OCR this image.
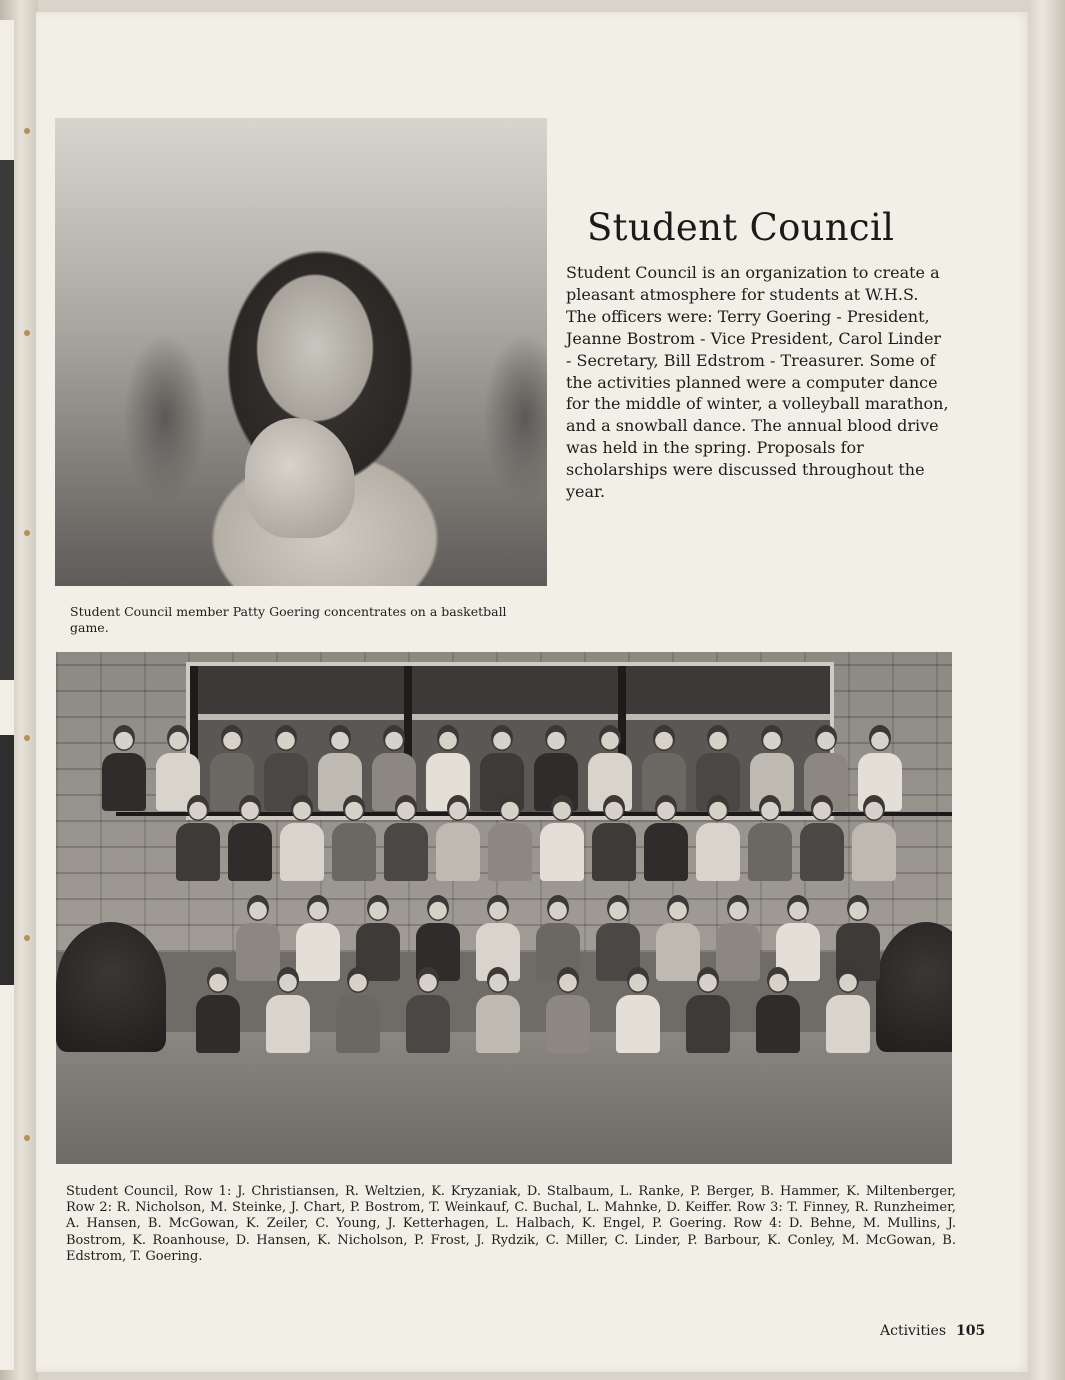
Student Council

Student Council is an organization to create a pleasant atmosphere for students at W.H.S. The officers were: Terry Goering - President, Jeanne Bostrom - Vice President, Carol Linder - Secretary, Bill Edstrom - Treasurer. Some of the activities planned were a computer dance for the middle of winter, a volleyball marathon, and a snowball dance. The annual blood drive was held in the spring. Proposals for scholarships were discussed throughout the year.

Student Council member Patty Goering concentrates on a basketball game.

Student Council, Row 1: J. Christiansen, R. Weltzien, K. Kryzaniak, D. Stalbaum, L. Ranke, P. Berger, B. Hammer, K. Miltenberger, Row 2: R. Nicholson, M. Steinke, J. Chart, P. Bostrom, T. Weinkauf, C. Buchal, L. Mahnke, D. Keiffer. Row 3: T. Finney, R. Runzheimer, A. Hansen, B. McGowan, K. Zeiler, C. Young, J. Ketterhagen, L. Halbach, K. Engel, P. Goering. Row 4: D. Behne, M. Mullins, J. Bostrom, K. Roanhouse, D. Hansen, K. Nicholson, P. Frost, J. Rydzik, C. Miller, C. Linder, P. Barbour, K. Conley, M. McGowan, B. Edstrom, T. Goering.

Activities 105
